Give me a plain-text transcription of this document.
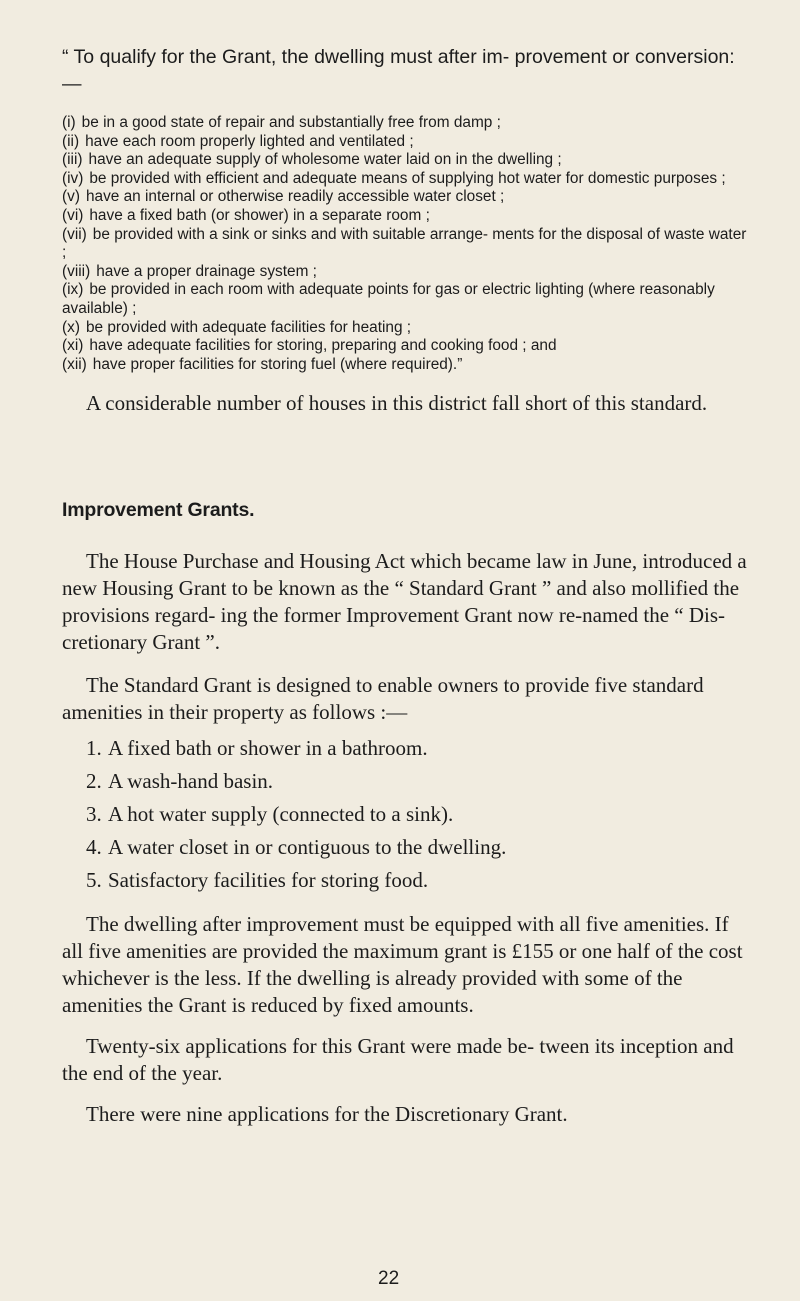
“ To qualify for the Grant, the dwelling must after im- provement or conversion:—

(i) be in a good state of repair and substantially free from damp ;
(ii) have each room properly lighted and ventilated ;
(iii) have an adequate supply of wholesome water laid on in the dwelling ;
(iv) be provided with efficient and adequate means of supplying hot water for domestic purposes ;
(v) have an internal or otherwise readily accessible water closet ;
(vi) have a fixed bath (or shower) in a separate room ;
(vii) be provided with a sink or sinks and with suitable arrange- ments for the disposal of waste water ;
(viii) have a proper drainage system ;
(ix) be provided in each room with adequate points for gas or electric lighting (where reasonably available) ;
(x) be provided with adequate facilities for heating ;
(xi) have adequate facilities for storing, preparing and cooking food ; and
(xii) have proper facilities for storing fuel (where required).”

A considerable number of houses in this district fall short of this standard.

Improvement Grants.

The House Purchase and Housing Act which became law in June, introduced a new Housing Grant to be known as the “ Standard Grant ” and also mollified the provisions regard- ing the former Improvement Grant now re-named the “ Dis- cretionary Grant ”.

The Standard Grant is designed to enable owners to provide five standard amenities in their property as follows :—

1. A fixed bath or shower in a bathroom.
2. A wash-hand basin.
3. A hot water supply (connected to a sink).
4. A water closet in or contiguous to the dwelling.
5. Satisfactory facilities for storing food.

The dwelling after improvement must be equipped with all five amenities. If all five amenities are provided the maximum grant is £155 or one half of the cost whichever is the less. If the dwelling is already provided with some of the amenities the Grant is reduced by fixed amounts.

Twenty-six applications for this Grant were made be- tween its inception and the end of the year.

There were nine applications for the Discretionary Grant.

22
